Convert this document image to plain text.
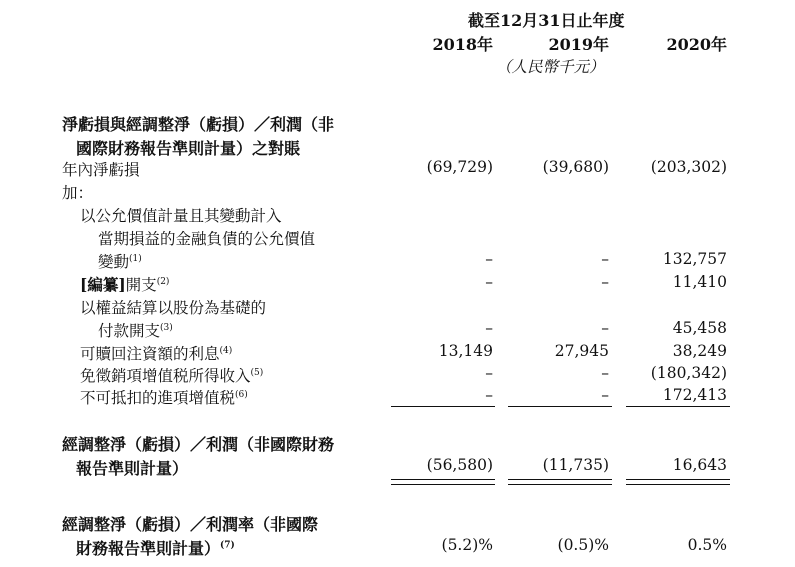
截至12月31日止年度
2018年	2019年	2020年
（人民幣千元）
淨虧損與經調整淨（虧損）／利潤（非
國際財務報告準則計量）之對賬
年內淨虧損	(69,729)	(39,680)	(203,302)
加：
以公允價值計量且其變動計入
當期損益的金融負債的公允價值
變動$^{(1)}$	–	–	132,757
[編纂]開支$^{(2)}$	–	–	11,410
以權益結算以股份為基礎的
付款開支$^{(3)}$	–	–	45,458
可贖回注資額的利息$^{(4)}$	13,149	27,945	38,249
免徵銷項增值税所得收入$^{(5)}$	–	–	(180,342)
不可抵扣的進項增值税$^{(6)}$	–	–	172,413
經調整淨（虧損）／利潤（非國際財務
報告準則計量）	(56,580)	(11,735)	16,643
經調整淨（虧損）／利潤率（非國際
財務報告準則計量）$^{(7)}$	(5.2)%	(0.5)%	0.5%
